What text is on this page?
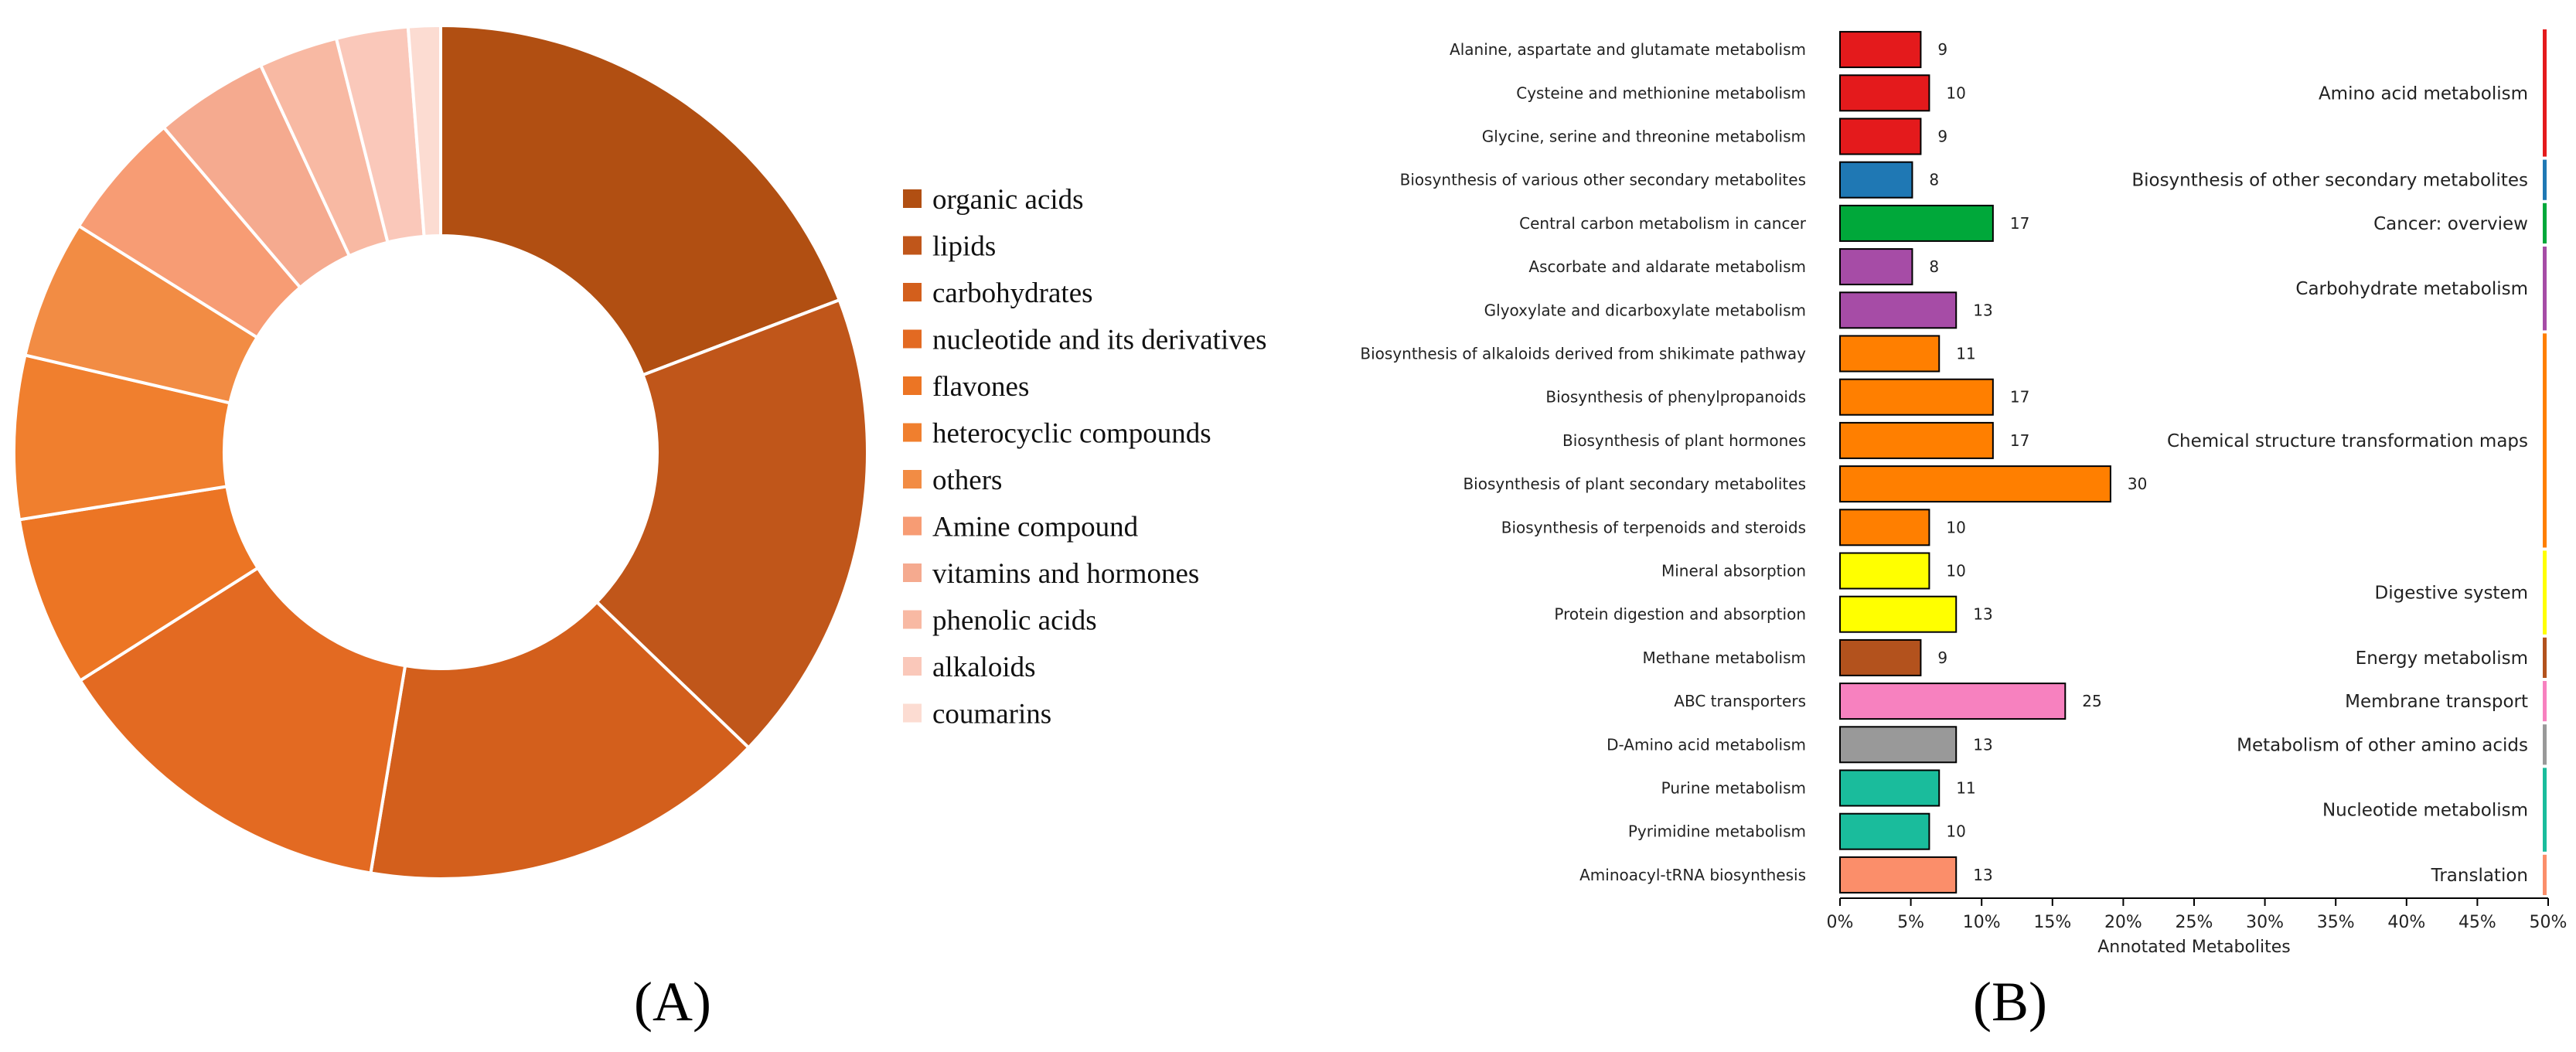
organic acids
lipids
carbohydrates
nucleotide and its derivatives
flavones
heterocyclic compounds
others
Amine compound
vitamins and hormones
phenolic acids
alkaloids
coumarins
(A)
Alanine, aspartate and glutamate metabolism	9
Cysteine and methionine metabolism	10
Glycine, serine and threonine metabolism	9
Biosynthesis of various other secondary metabolites	8
Central carbon metabolism in cancer	17
Ascorbate and aldarate metabolism	8
Glyoxylate and dicarboxylate metabolism	13
Biosynthesis of alkaloids derived from shikimate pathway	11
Biosynthesis of phenylpropanoids	17
Biosynthesis of plant hormones	17
Biosynthesis of plant secondary metabolites	30
Biosynthesis of terpenoids and steroids	10
Mineral absorption	10
Protein digestion and absorption	13
Methane metabolism	9
ABC transporters	25
D-Amino acid metabolism	13
Purine metabolism	11
Pyrimidine metabolism	10
Aminoacyl-tRNA biosynthesis	13
Amino acid metabolism
Biosynthesis of other secondary metabolites
Cancer: overview
Carbohydrate metabolism
Chemical structure transformation maps
Digestive system
Energy metabolism
Membrane transport
Metabolism of other amino acids
Nucleotide metabolism
Translation
0%	5% 10% 15% 20% 25% 30% 35% 40% 45% 50%
Annotated Metabolites
(B)
